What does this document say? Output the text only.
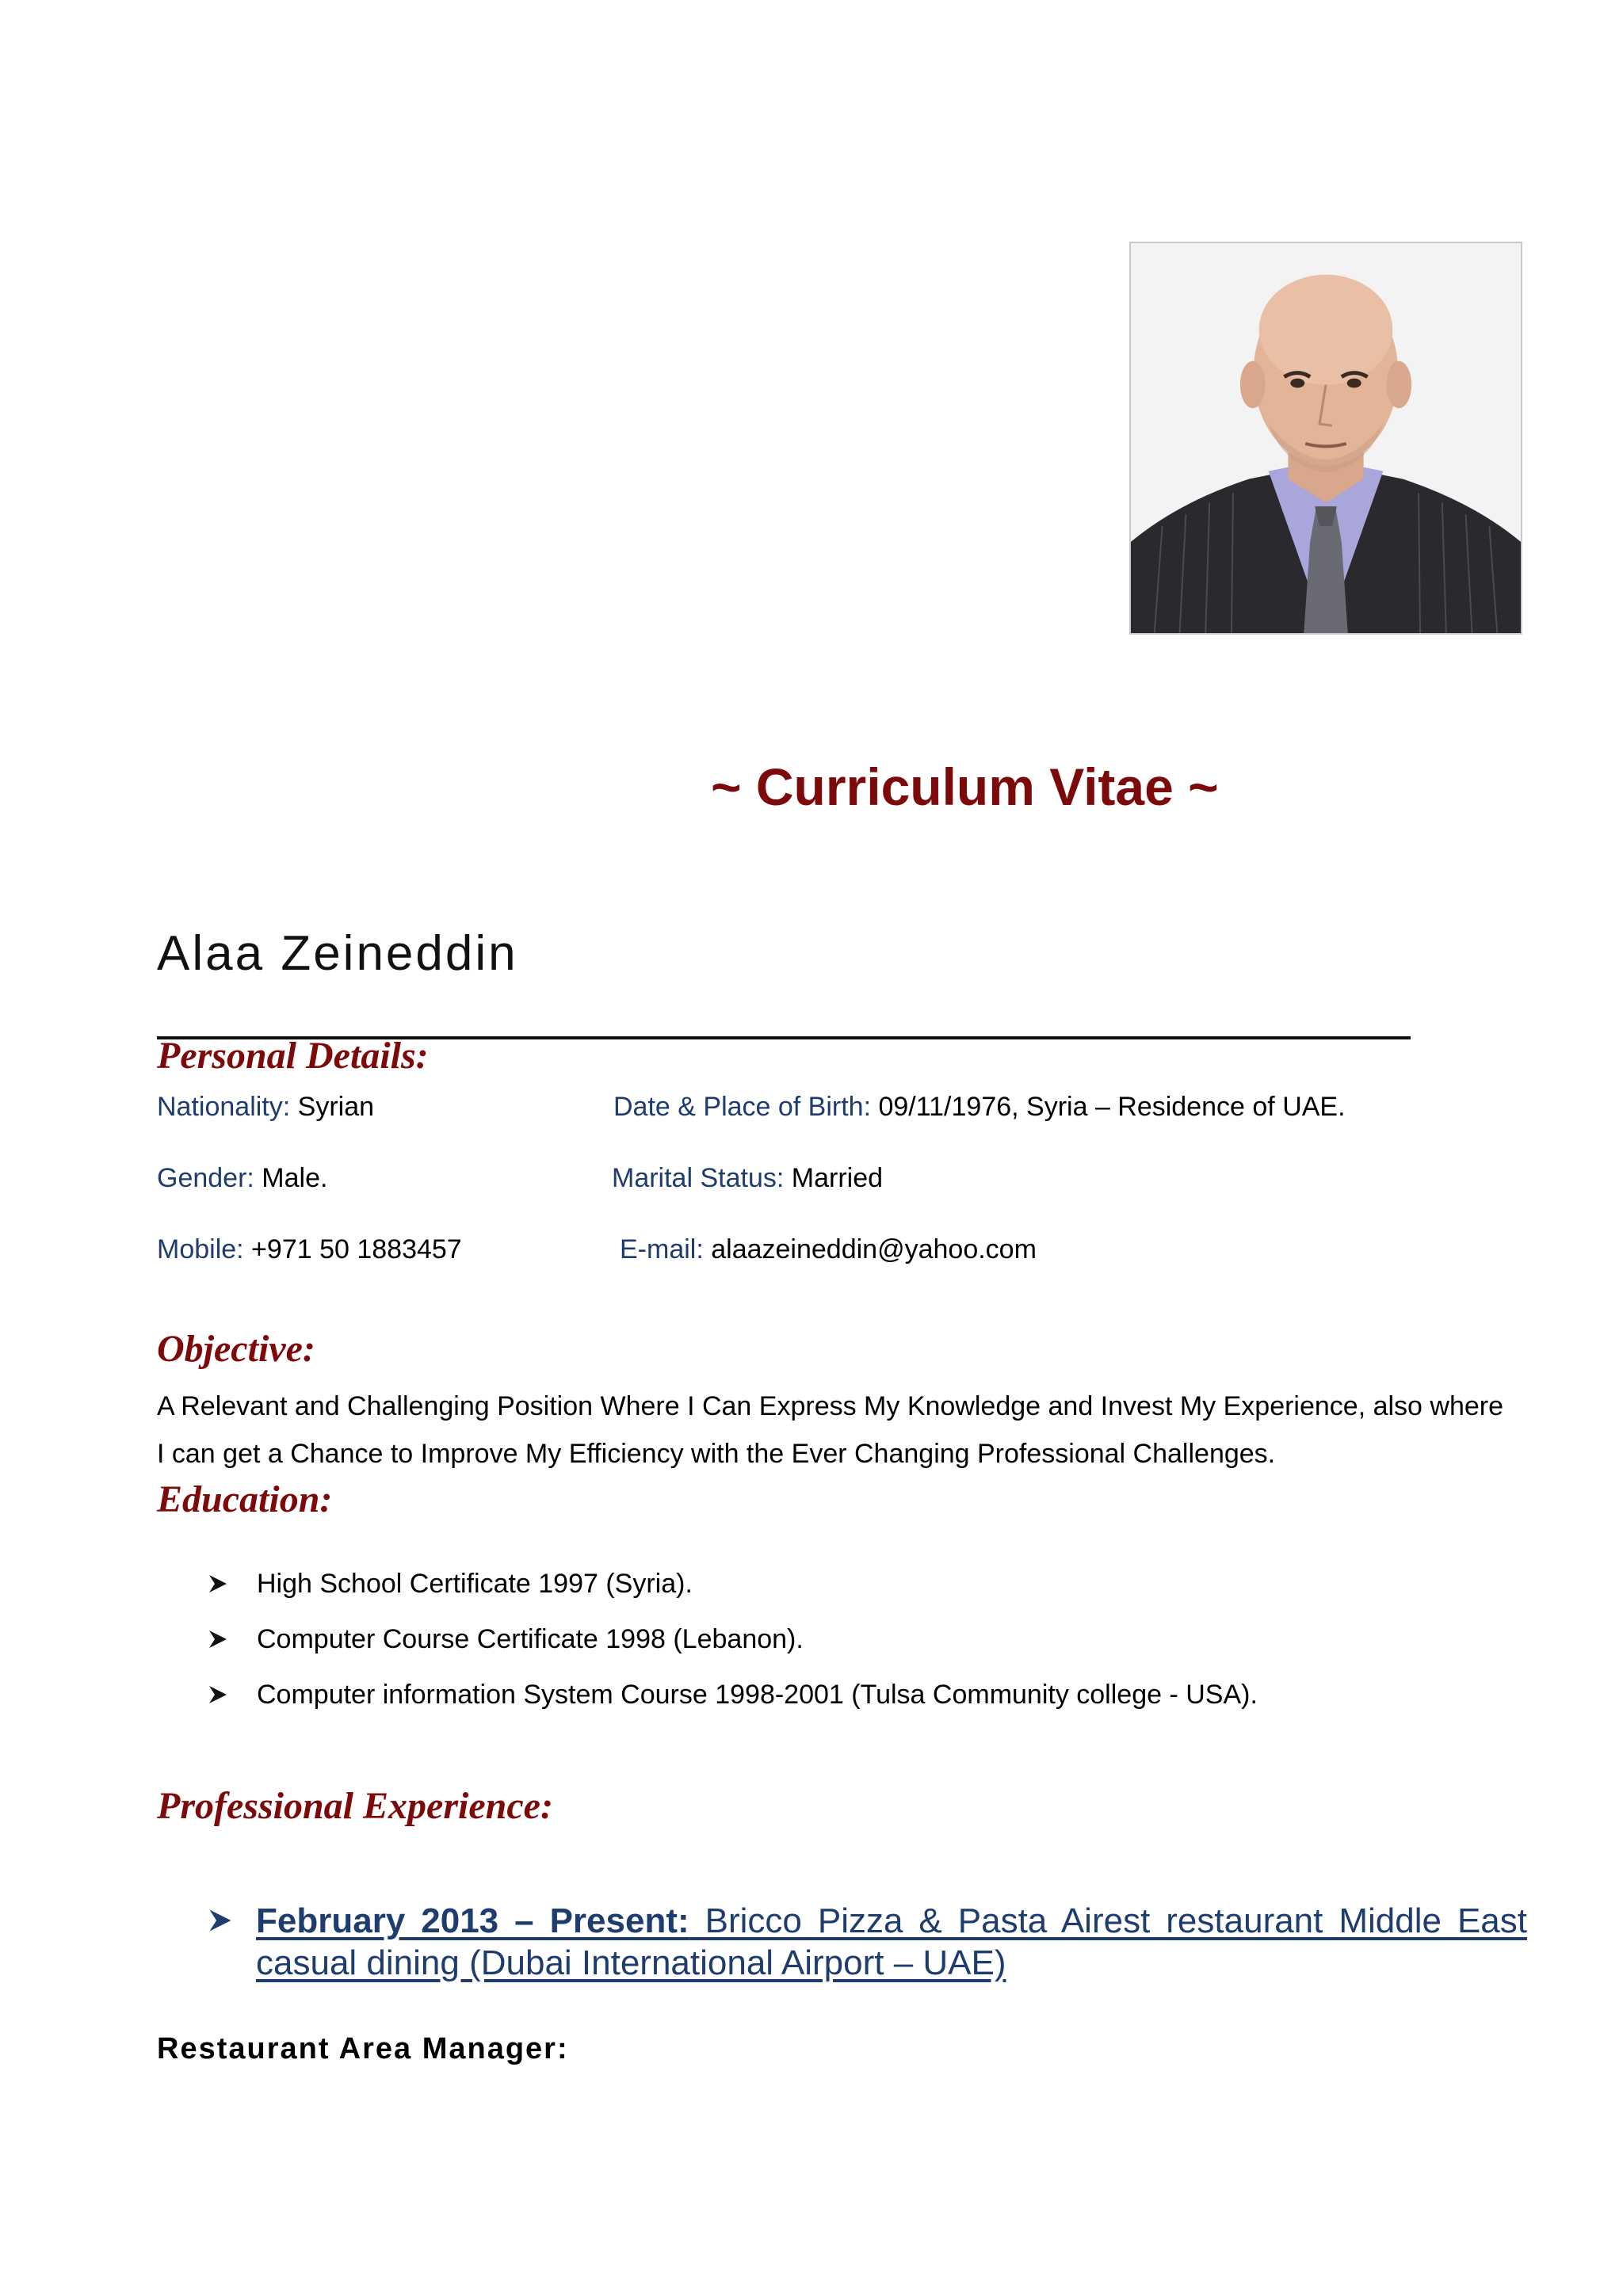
~ Curriculum Vitae ~
Alaa Zeineddin
Personal Details:
Nationality: Syrian	Date & Place of Birth: 09/11/1976, Syria – Residence of UAE.
Gender: Male.	Marital Status: Married
Mobile: +971 50 1883457	E-mail: alaazeineddin@yahoo.com
Objective:
A Relevant and Challenging Position Where I Can Express My Knowledge and Invest My Experience, also where
I can get a Chance to Improve My Efficiency with the Ever Changing Professional Challenges.
Education:
High School Certificate 1997 (Syria).
Computer Course Certificate 1998 (Lebanon).
Computer information System Course 1998-2001 (Tulsa Community college - USA).
Professional Experience:
February 2013 – Present: Bricco Pizza & Pasta Airest restaurant Middle East casual dining (Dubai International Airport – UAE)
Restaurant Area Manager:
